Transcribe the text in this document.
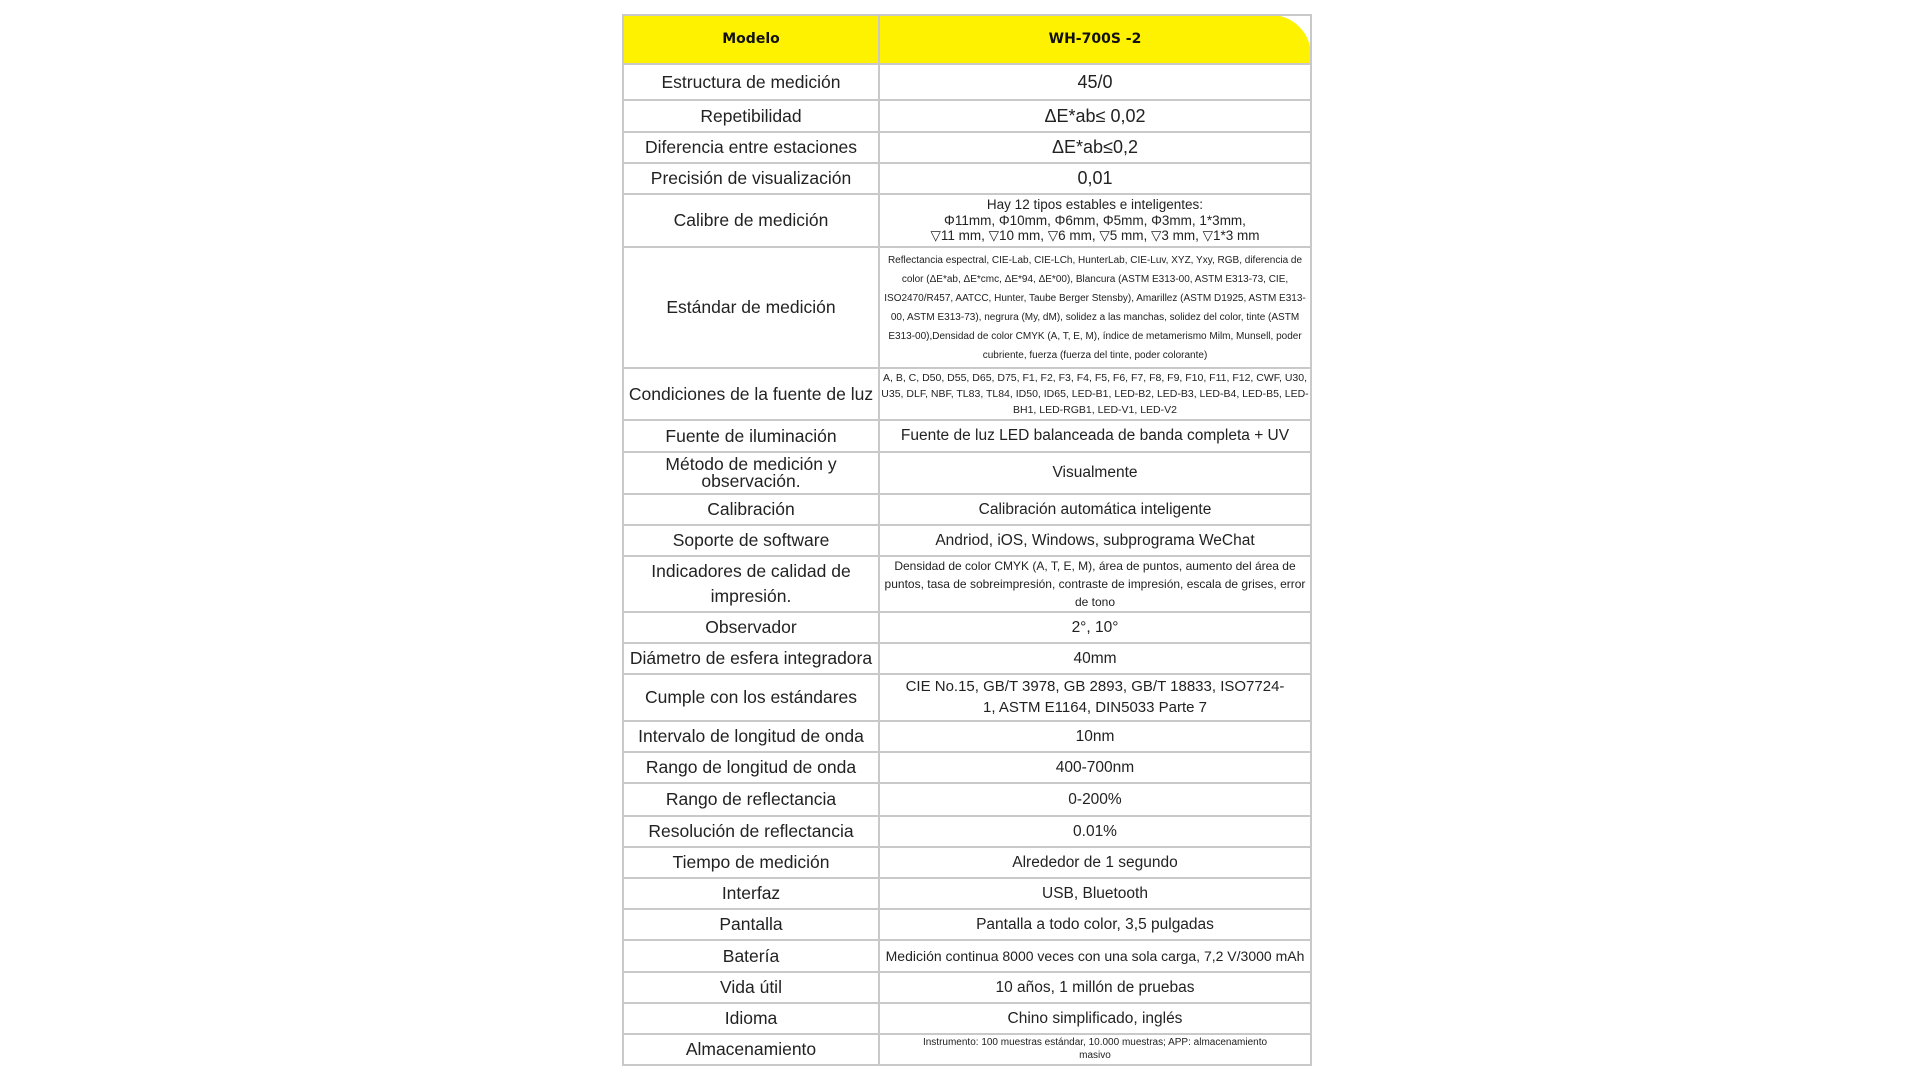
Modelo	WH-700S -2
Estructura de medición	45/0
Repetibilidad	ΔE*ab≤ 0,02
Diferencia entre estaciones	ΔE*ab≤0,2
Precisión de visualización	0,01
Calibre de medición	Hay 12 tipos estables e inteligentes:
Φ11mm, Φ10mm, Φ6mm, Φ5mm, Φ3mm, 1*3mm,
▽11 mm, ▽10 mm, ▽6 mm, ▽5 mm, ▽3 mm, ▽1*3 mm

Estándar de medición	Reflectancia espectral, CIE-Lab, CIE-LCh, HunterLab, CIE-Luv, XYZ, Yxy, RGB, diferencia de color (ΔE*ab, ΔE*cmc, ΔE*94, ΔE*00), Blancura (ASTM E313-00, ASTM E313-73, CIE, ISO2470/R457, AATCC, Hunter, Taube Berger Stensby), Amarillez (ASTM D1925, ASTM E313-00, ASTM E313-73), negrura (My, dM), solidez a las manchas, solidez del color, tinte (ASTM E313-00),Densidad de color CMYK (A, T, E, M), índice de metamerismo Milm, Munsell, poder cubriente, fuerza (fuerza del tinte, poder colorante)
Condiciones de la fuente de luz	A, B, C, D50, D55, D65, D75, F1, F2, F3, F4, F5, F6, F7, F8, F9, F10, F11, F12, CWF, U30, U35, DLF, NBF, TL83, TL84, ID50, ID65, LED-B1, LED-B2, LED-B3, LED-B4, LED-B5, LED-BH1, LED-RGB1, LED-V1, LED-V2
Fuente de iluminación	Fuente de luz LED balanceada de banda completa + UV
Método de medición y observación.	Visualmente
Calibración	Calibración automática inteligente
Soporte de software	Andriod, iOS, Windows, subprograma WeChat
Indicadores de calidad de impresión.	Densidad de color CMYK (A, T, E, M), área de puntos, aumento del área de puntos, tasa de sobreimpresión, contraste de impresión, escala de grises, error de tono
Observador	2°, 10°
Diámetro de esfera integradora	40mm
Cumple con los estándares	CIE No.15, GB/T 3978, GB 2893, GB/T 18833, ISO7724-1, ASTM E1164, DIN5033 Parte 7
Intervalo de longitud de onda	10nm
Rango de longitud de onda	400-700nm
Rango de reflectancia	0-200%
Resolución de reflectancia	0.01%
Tiempo de medición	Alrededor de 1 segundo
Interfaz	USB, Bluetooth
Pantalla	Pantalla a todo color, 3,5 pulgadas
Batería	Medición continua 8000 veces con una sola carga, 7,2 V/3000 mAh
Vida útil	10 años, 1 millón de pruebas
Idioma	Chino simplificado, inglés
Almacenamiento	Instrumento: 100 muestras estándar, 10.000 muestras; APP: almacenamiento masivo
